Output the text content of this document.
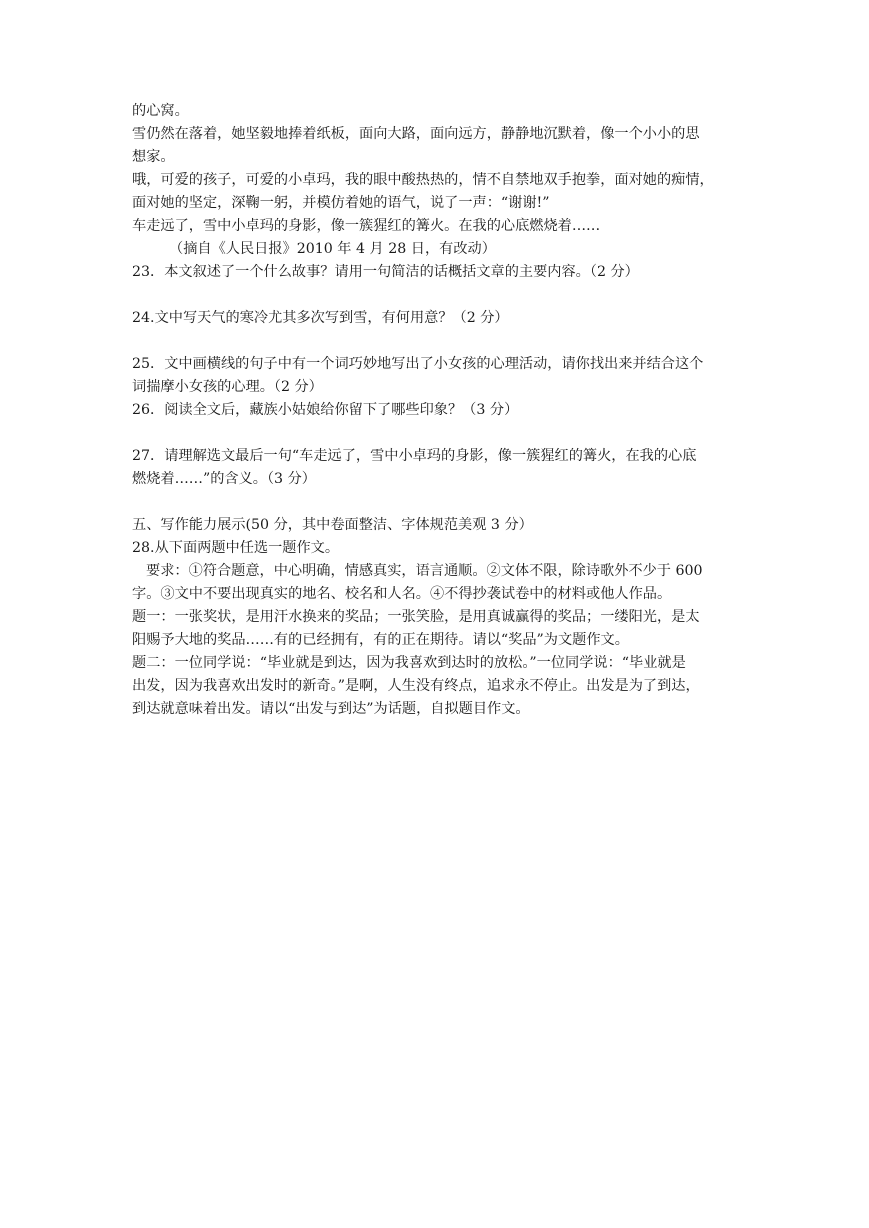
的心窝。
雪仍然在落着，她坚毅地捧着纸板，面向大路，面向远方，静静地沉默着，像一个小小的思
想家。
哦，可爱的孩子，可爱的小卓玛，我的眼中酸热热的，情不自禁地双手抱拳，面对她的痴情，
面对她的坚定，深鞠一躬，并模仿着她的语气，说了一声：“谢谢!”
车走远了，雪中小卓玛的身影，像一簇猩红的篝火。在我的心底燃烧着……
（摘自《人民日报》2010 年 4 月 28 日，有改动）
23．本文叙述了一个什么故事？请用一句简洁的话概括文章的主要内容。（2 分）
24.文中写天气的寒冷尤其多次写到雪，有何用意？（2 分）
25．文中画横线的句子中有一个词巧妙地写出了小女孩的心理活动，请你找出来并结合这个
词揣摩小女孩的心理。（2 分）
26．阅读全文后，藏族小姑娘给你留下了哪些印象？（3 分）
27．请理解选文最后一句“车走远了，雪中小卓玛的身影，像一簇猩红的篝火，在我的心底
燃烧着……”的含义。（3 分）
五、写作能力展示(50 分，其中卷面整洁、字体规范美观 3 分）
28.从下面两题中任选一题作文。
要求：①符合题意，中心明确，情感真实，语言通顺。②文体不限，除诗歌外不少于 600
字。③文中不要出现真实的地名、校名和人名。④不得抄袭试卷中的材料或他人作品。
题一：一张奖状，是用汗水换来的奖品；一张笑脸，是用真诚赢得的奖品；一缕阳光，是太
阳赐予大地的奖品……有的已经拥有，有的正在期待。请以“奖品”为文题作文。
题二：一位同学说：“毕业就是到达，因为我喜欢到达时的放松。”一位同学说：“毕业就是
出发，因为我喜欢出发时的新奇。”是啊，人生没有终点，追求永不停止。出发是为了到达，
到达就意味着出发。请以“出发与到达”为话题，自拟题目作文。
